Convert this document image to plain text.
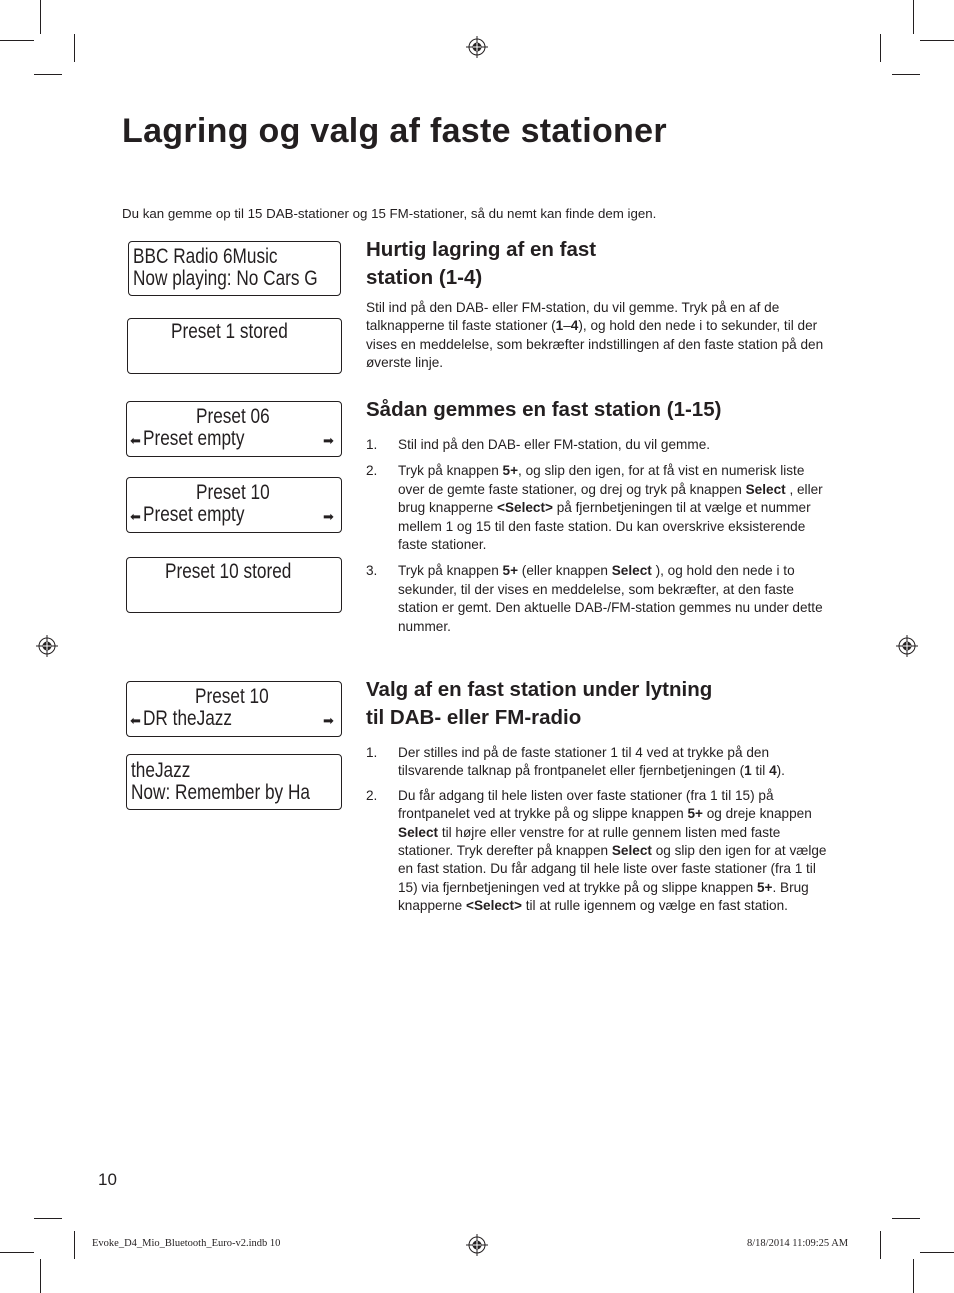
Lagring og valg af faste stationer

Du kan gemme op til 15 DAB-stationer og 15 FM-stationer, så du nemt kan finde dem igen.

BBC Radio 6Music
Now playing: No Cars G
Preset 1 stored
Preset 06
⬅ Preset empty	➡
Preset 10
⬅ Preset empty	➡
Preset 10 stored
Preset 10
⬅ DR theJazz	➡
theJazz
Now: Remember by Ha
Hurtig lagring af en fast
station (1-4)

Stil ind på den DAB- eller FM-station, du vil gemme. Tryk på en af de talknapperne til faste stationer (1–4), og hold den nede i to sekunder, til der vises en meddelelse, som bekræfter indstillingen af den faste station på den øverste linje.

Sådan gemmes en fast station (1-15)
1. Stil ind på den DAB- eller FM-station, du vil gemme.
2. Tryk på knappen 5+, og slip den igen, for at få vist en numerisk liste over de gemte faste stationer, og drej og tryk på knappen Select , eller brug knapperne <Select> på fjernbetjeningen til at vælge et nummer mellem 1 og 15 til den faste station. Du kan overskrive eksisterende faste stationer.
3. Tryk på knappen 5+ (eller knappen Select ), og hold den nede i to sekunder, til der vises en meddelelse, som bekræfter, at den faste station er gemt. Den aktuelle DAB-/FM-station gemmes nu under dette nummer.
Valg af en fast station under lytning
til DAB- eller FM-radio
1. Der stilles ind på de faste stationer 1 til 4 ved at trykke på den tilsvarende talknap på frontpanelet eller fjernbetjeningen (1 til 4).
2. Du får adgang til hele listen over faste stationer (fra 1 til 15) på frontpanelet ved at trykke på og slippe knappen 5+ og dreje knappen Select til højre eller venstre for at rulle gennem listen med faste stationer. Tryk derefter på knappen Select og slip den igen for at vælge en fast station. Du får adgang til hele liste over faste stationer (fra 1 til 15) via fjernbetjeningen ved at trykke på og slippe knappen 5+. Brug knapperne <Select> til at rulle igennem og vælge en fast station.
10
Evoke_D4_Mio_Bluetooth_Euro-v2.indb 10	8/18/2014 11:09:25 AM
